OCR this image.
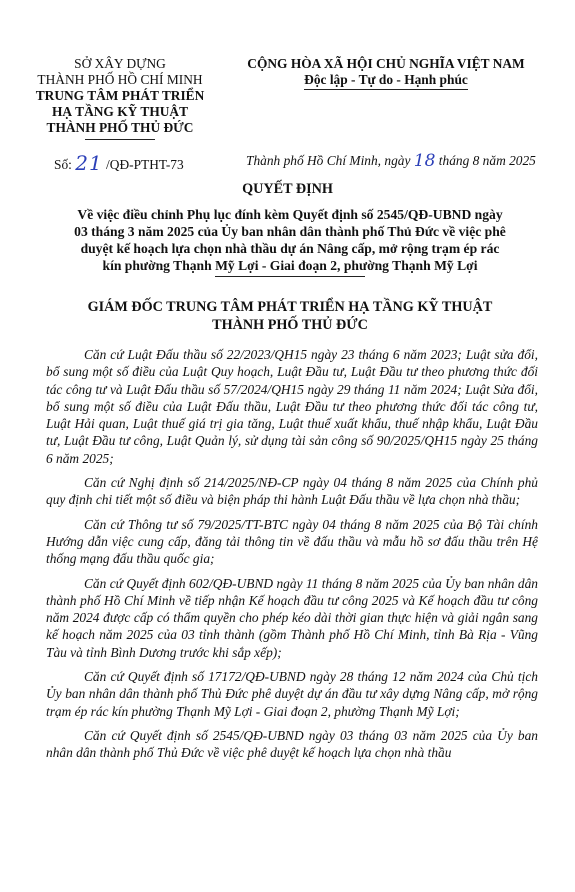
SỞ XÂY DỰNG
THÀNH PHỐ HỒ CHÍ MINH
TRUNG TÂM PHÁT TRIỂN
HẠ TẦNG KỸ THUẬT
THÀNH PHỐ THỦ ĐỨC
CỘNG HÒA XÃ HỘI CHỦ NGHĨA VIỆT NAM
Độc lập - Tự do - Hạnh phúc
Số: 21 /QĐ-PTHT-73	Thành phố Hồ Chí Minh, ngày 18 tháng 8 năm 2025
QUYẾT ĐỊNH
Về việc điều chỉnh Phụ lục đính kèm Quyết định số 2545/QĐ-UBND ngày
03 tháng 3 năm 2025 của Ủy ban nhân dân thành phố Thủ Đức về việc phê
duyệt kế hoạch lựa chọn nhà thầu dự án Nâng cấp, mở rộng trạm ép rác
kín phường Thạnh Mỹ Lợi - Giai đoạn 2, phường Thạnh Mỹ Lợi
GIÁM ĐỐC TRUNG TÂM PHÁT TRIỂN HẠ TẦNG KỸ THUẬT
THÀNH PHỐ THỦ ĐỨC

Căn cứ Luật Đấu thầu số 22/2023/QH15 ngày 23 tháng 6 năm 2023; Luật sửa đổi, bổ sung một số điều của Luật Quy hoạch, Luật Đầu tư, Luật Đầu tư theo phương thức đối tác công tư và Luật Đấu thầu số 57/2024/QH15 ngày 29 tháng 11 năm 2024; Luật Sửa đổi, bổ sung một số điều của Luật Đấu thầu, Luật Đầu tư theo phương thức đối tác công tư, Luật Hải quan, Luật thuế giá trị gia tăng, Luật thuế xuất khẩu, thuế nhập khẩu, Luật Đầu tư, Luật Đầu tư công, Luật Quản lý, sử dụng tài sản công số 90/2025/QH15 ngày 25 tháng 6 năm 2025;

Căn cứ Nghị định số 214/2025/NĐ-CP ngày 04 tháng 8 năm 2025 của Chính phủ quy định chi tiết một số điều và biện pháp thi hành Luật Đấu thầu về lựa chọn nhà thầu;

Căn cứ Thông tư số 79/2025/TT-BTC ngày 04 tháng 8 năm 2025 của Bộ Tài chính Hướng dẫn việc cung cấp, đăng tải thông tin về đấu thầu và mẫu hồ sơ đấu thầu trên Hệ thống mạng đấu thầu quốc gia;

Căn cứ Quyết định 602/QĐ-UBND ngày 11 tháng 8 năm 2025 của Ủy ban nhân dân thành phố Hồ Chí Minh về tiếp nhận Kế hoạch đầu tư công 2025 và Kế hoạch đầu tư công năm 2024 được cấp có thẩm quyền cho phép kéo dài thời gian thực hiện và giải ngân sang kế hoạch năm 2025 của 03 tỉnh thành (gồm Thành phố Hồ Chí Minh, tỉnh Bà Rịa - Vũng Tàu và tỉnh Bình Dương trước khi sắp xếp);

Căn cứ Quyết định số 17172/QĐ-UBND ngày 28 tháng 12 năm 2024 của Chủ tịch Ủy ban nhân dân thành phố Thủ Đức phê duyệt dự án đầu tư xây dựng Nâng cấp, mở rộng trạm ép rác kín phường Thạnh Mỹ Lợi - Giai đoạn 2, phường Thạnh Mỹ Lợi;

Căn cứ Quyết định số 2545/QĐ-UBND ngày 03 tháng 03 năm 2025 của Ủy ban nhân dân thành phố Thủ Đức về việc phê duyệt kế hoạch lựa chọn nhà thầu
